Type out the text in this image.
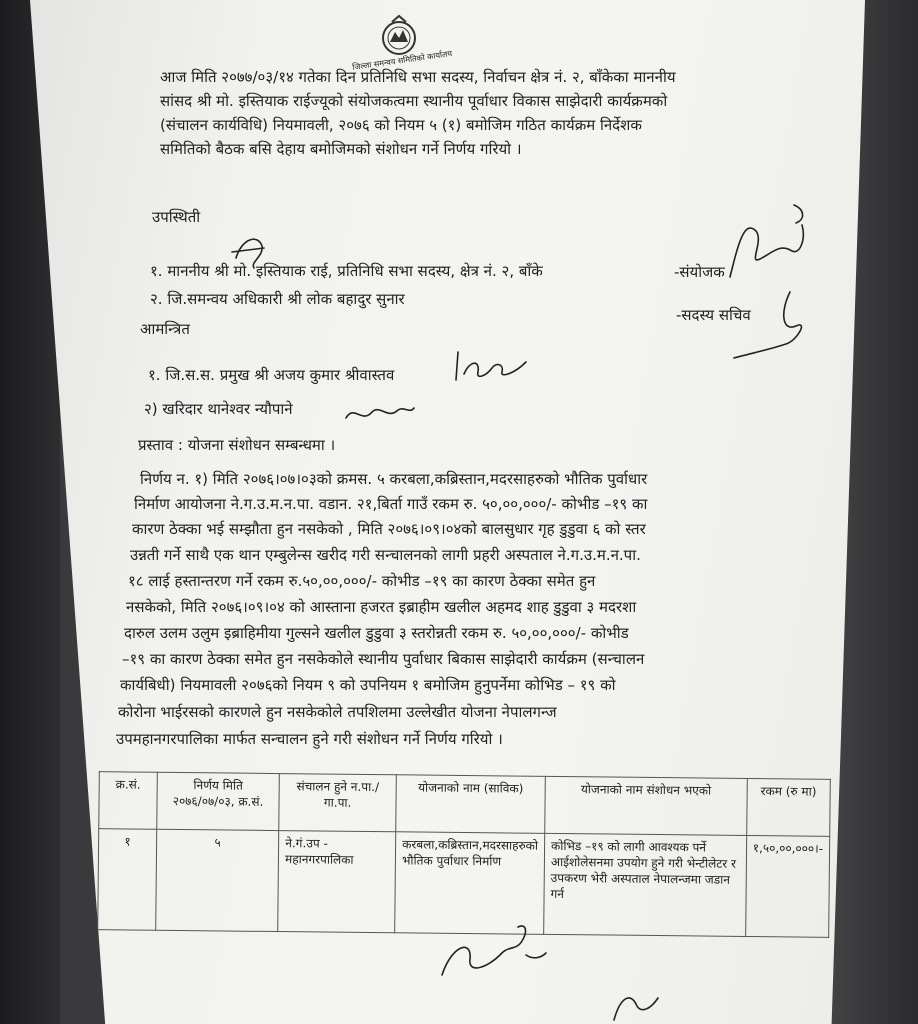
जिल्ला समन्वय समितिको कार्यालय
आज मिति २०७७/०३/१४ गतेका दिन प्रतिनिधि सभा सदस्य, निर्वाचन क्षेत्र नं. २, बाँकेका माननीय
सांसद श्री मो. इस्तियाक राईज्यूको संयोजकत्वमा स्थानीय पूर्वाधार विकास साझेदारी कार्यक्रमको
(संचालन कार्यविधि) नियमावली, २०७६ को नियम ५ (१) बमोजिम गठित कार्यक्रम निर्देशक
समितिको बैठक बसि देहाय बमोजिमको संशोधन गर्ने निर्णय गरियो ।
उपस्थिती
१. माननीय श्री मो. इस्तियाक राई, प्रतिनिधि सभा सदस्य, क्षेत्र नं. २, बाँके	-संयोजक
२. जि.समन्वय अधिकारी श्री लोक बहादुर सुनार
-सदस्य सचिव
आमन्त्रित
१. जि.स.स. प्रमुख श्री अजय कुमार श्रीवास्तव
२) खरिदार थानेश्वर न्यौपाने
प्रस्ताव : योजना संशोधन सम्बन्धमा ।
निर्णय न. १) मिति २०७६।०७।०३को क्रमस. ५ करबला,कब्रिस्तान,मदरसाहरुको भौतिक पुर्वाधार
निर्माण आयोजना ने.ग.उ.म.न.पा. वडान. २१,बिर्ता गाउँ रकम रु. ५०,००,०००/- कोभीड –१९ का
कारण ठेक्का भई सम्झौता हुन नसकेको , मिति २०७६।०९।०४को बालसुधार गृह डुडुवा ६ को स्तर
उन्नती गर्ने साथै एक थान एम्बुलेन्स खरीद गरी सन्चालनको लागी प्रहरी अस्पताल ने.ग.उ.म.न.पा.
१८ लाई हस्तान्तरण गर्ने रकम रु.५०,००,०००/- कोभीड –१९ का कारण ठेक्का समेत हुन
नसकेको, मिति २०७६।०९।०४ को आस्ताना हजरत इब्राहीम खलील अहमद शाह डुडुवा ३ मदरशा
दारुल उलम उलुम इब्राहिमीया गुल्सने खलील डुडुवा ३ स्तरोन्नती रकम रु. ५०,००,०००/- कोभीड
–१९ का कारण ठेक्का समेत हुन नसकेकोले स्थानीय पुर्वाधार बिकास साझेदारी कार्यक्रम (सन्चालन
कार्यबिधी) नियमावली २०७६को नियम ९ को उपनियम १ बमोजिम हुनुपर्नेमा कोभिड – १९ को
कोरोना भाईरसको कारणले हुन नसकेकोले तपशिलमा उल्लेखीत योजना नेपालगन्ज
उपमहानगरपालिका मार्फत सन्चालन हुने गरी संशोधन गर्ने निर्णय गरियो ।
क्र.सं.	निर्णय मिति २०७६/०७/०३, क्र.सं.	संचालन हुने न.पा./ गा.पा.	योजनाको नाम (साविक)	योजनाको नाम संशोधन भएको	रकम (रु मा)
१	५	ने.गं.उप - महानगरपालिका	करबला,कब्रिस्तान,मदरसाहरुको भौतिक पुर्वाधार निर्माण	कोभिड –१९ को लागी आवश्यक पर्ने आईशोलेसनमा उपयोग हुने गरी भेन्टीलेटर र उपकरण भेरी अस्पताल नेपालन्जमा जडान गर्न	१,५०,००,०००।-
